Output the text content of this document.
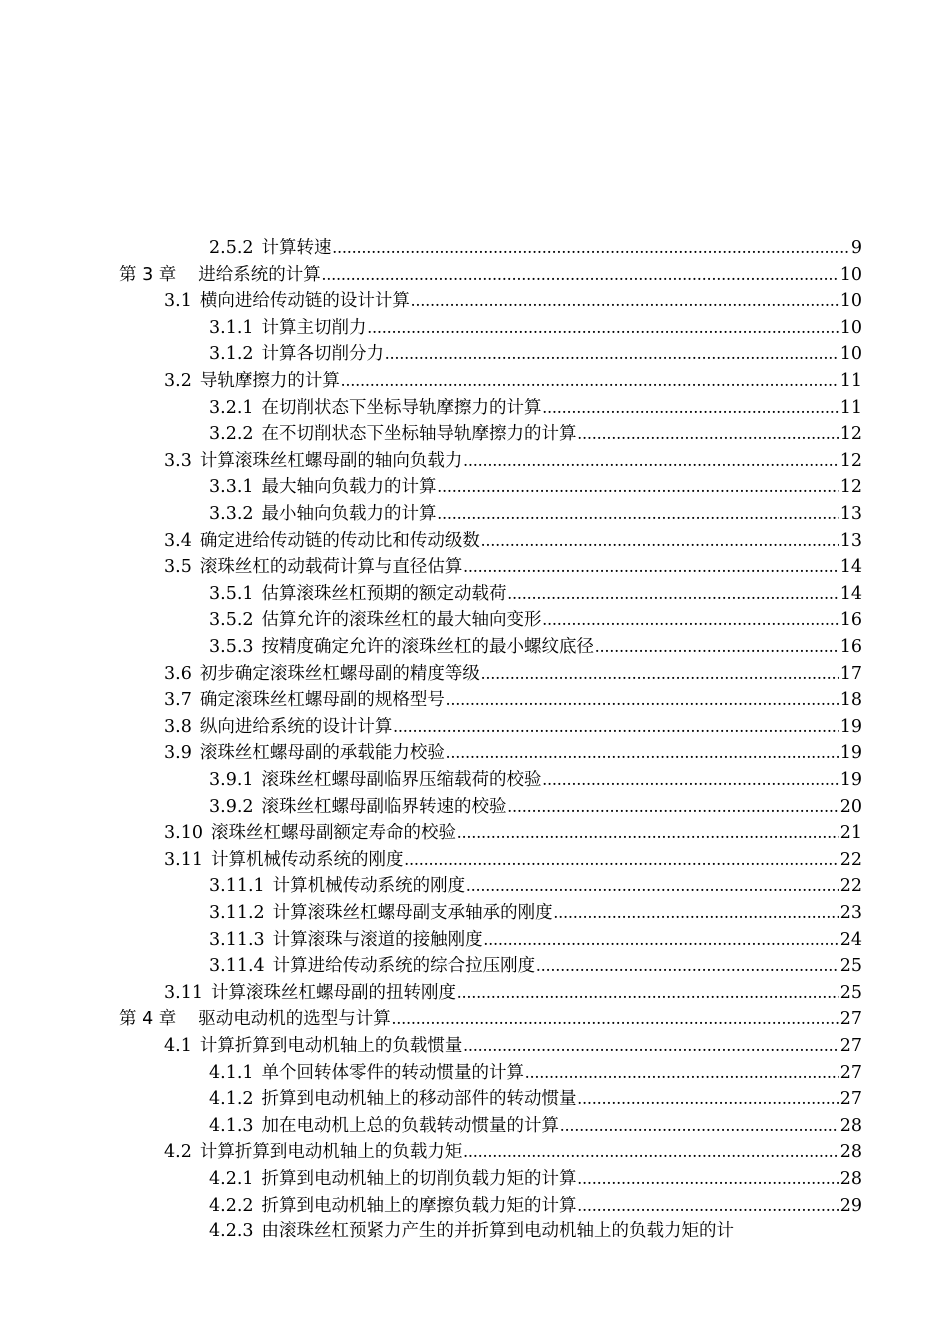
2.5.2 计算转速 .....	9
第 3 章 进给系统的计算 .....	10
3.1 横向进给传动链的设计计算 .....	10
3.1.1 计算主切削力 .....	10
3.1.2 计算各切削分力 .....	10
3.2 导轨摩擦力的计算 .....	11
3.2.1 在切削状态下坐标导轨摩擦力的计算 .....	11
3.2.2 在不切削状态下坐标轴导轨摩擦力的计算 .....	12
3.3 计算滚珠丝杠螺母副的轴向负载力 .....	12
3.3.1 最大轴向负载力的计算 .....	12
3.3.2 最小轴向负载力的计算 .....	13
3.4 确定进给传动链的传动比和传动级数 .....	13
3.5 滚珠丝杠的动载荷计算与直径估算 .....	14
3.5.1 估算滚珠丝杠预期的额定动载荷 .....	14
3.5.2 估算允许的滚珠丝杠的最大轴向变形 .....	16
3.5.3 按精度确定允许的滚珠丝杠的最小螺纹底径 .....	16
3.6 初步确定滚珠丝杠螺母副的精度等级 .....	17
3.7 确定滚珠丝杠螺母副的规格型号 .....	18
3.8 纵向进给系统的设计计算 .....	19
3.9 滚珠丝杠螺母副的承载能力校验 .....	19
3.9.1 滚珠丝杠螺母副临界压缩载荷的校验 .....	19
3.9.2 滚珠丝杠螺母副临界转速的校验 .....	20
3.10 滚珠丝杠螺母副额定寿命的校验 .....	21
3.11 计算机械传动系统的刚度 .....	22
3.11.1 计算机械传动系统的刚度 .....	22
3.11.2 计算滚珠丝杠螺母副支承轴承的刚度 .....	23
3.11.3 计算滚珠与滚道的接触刚度 .....	24
3.11.4 计算进给传动系统的综合拉压刚度 .....	25
3.11 计算滚珠丝杠螺母副的扭转刚度 .....	25
第 4 章 驱动电动机的选型与计算 .....	27
4.1 计算折算到电动机轴上的负载惯量 .....	27
4.1.1 单个回转体零件的转动惯量的计算 .....	27
4.1.2 折算到电动机轴上的移动部件的转动惯量 .....	27
4.1.3 加在电动机上总的负载转动惯量的计算 .....	28
4.2 计算折算到电动机轴上的负载力矩 .....	28
4.2.1 折算到电动机轴上的切削负载力矩的计算 .....	28
4.2.2 折算到电动机轴上的摩擦负载力矩的计算 .....	29
4.2.3 由滚珠丝杠预紧力产生的并折算到电动机轴上的负载力矩的计
